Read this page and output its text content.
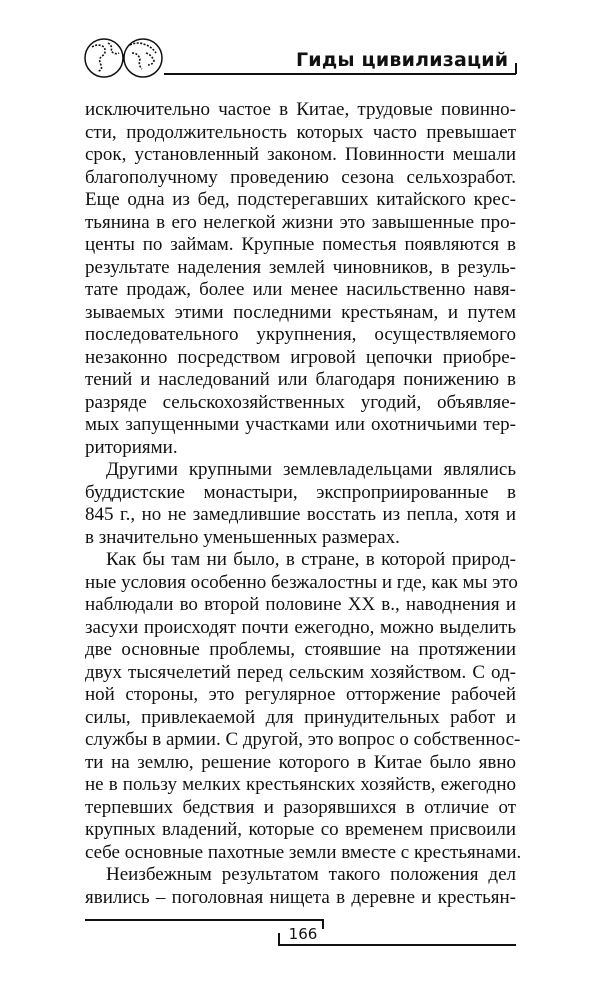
Гиды цивилизаций
исключительно частое в Китае, трудовые повинно-
сти, продолжительность которых часто превышает
срок, установленный законом. Повинности мешали
благополучному проведению сезона сельхозработ.
Еще одна из бед, подстерегавших китайского крес-
тьянина в его нелегкой жизни это завышенные про-
центы по займам. Крупные поместья появляются в
результате наделения землей чиновников, в резуль-
тате продаж, более или менее насильственно навя-
зываемых этими последними крестьянам, и путем
последовательного укрупнения, осуществляемого
незаконно посредством игровой цепочки приобре-
тений и наследований или благодаря понижению в
разряде сельскохозяйственных угодий, объявляе-
мых запущенными участками или охотничьими тер-
риториями.
Другими крупными землевладельцами являлись
буддистские монастыри, экспроприированные в
845 г., но не замедлившие восстать из пепла, хотя и
в значительно уменьшенных размерах.
Как бы там ни было, в стране, в которой природ-
ные условия особенно безжалостны и где, как мы это
наблюдали во второй половине XX в., наводнения и
засухи происходят почти ежегодно, можно выделить
две основные проблемы, стоявшие на протяжении
двух тысячелетий перед сельским хозяйством. С од-
ной стороны, это регулярное отторжение рабочей
силы, привлекаемой для принудительных работ и
службы в армии. С другой, это вопрос о собственнос-
ти на землю, решение которого в Китае было явно
не в пользу мелких крестьянских хозяйств, ежегодно
терпевших бедствия и разорявшихся в отличие от
крупных владений, которые со временем присвоили
себе основные пахотные земли вместе с крестьянами.
Неизбежным результатом такого положения дел
явились – поголовная нищета в деревне и крестьян-
166
